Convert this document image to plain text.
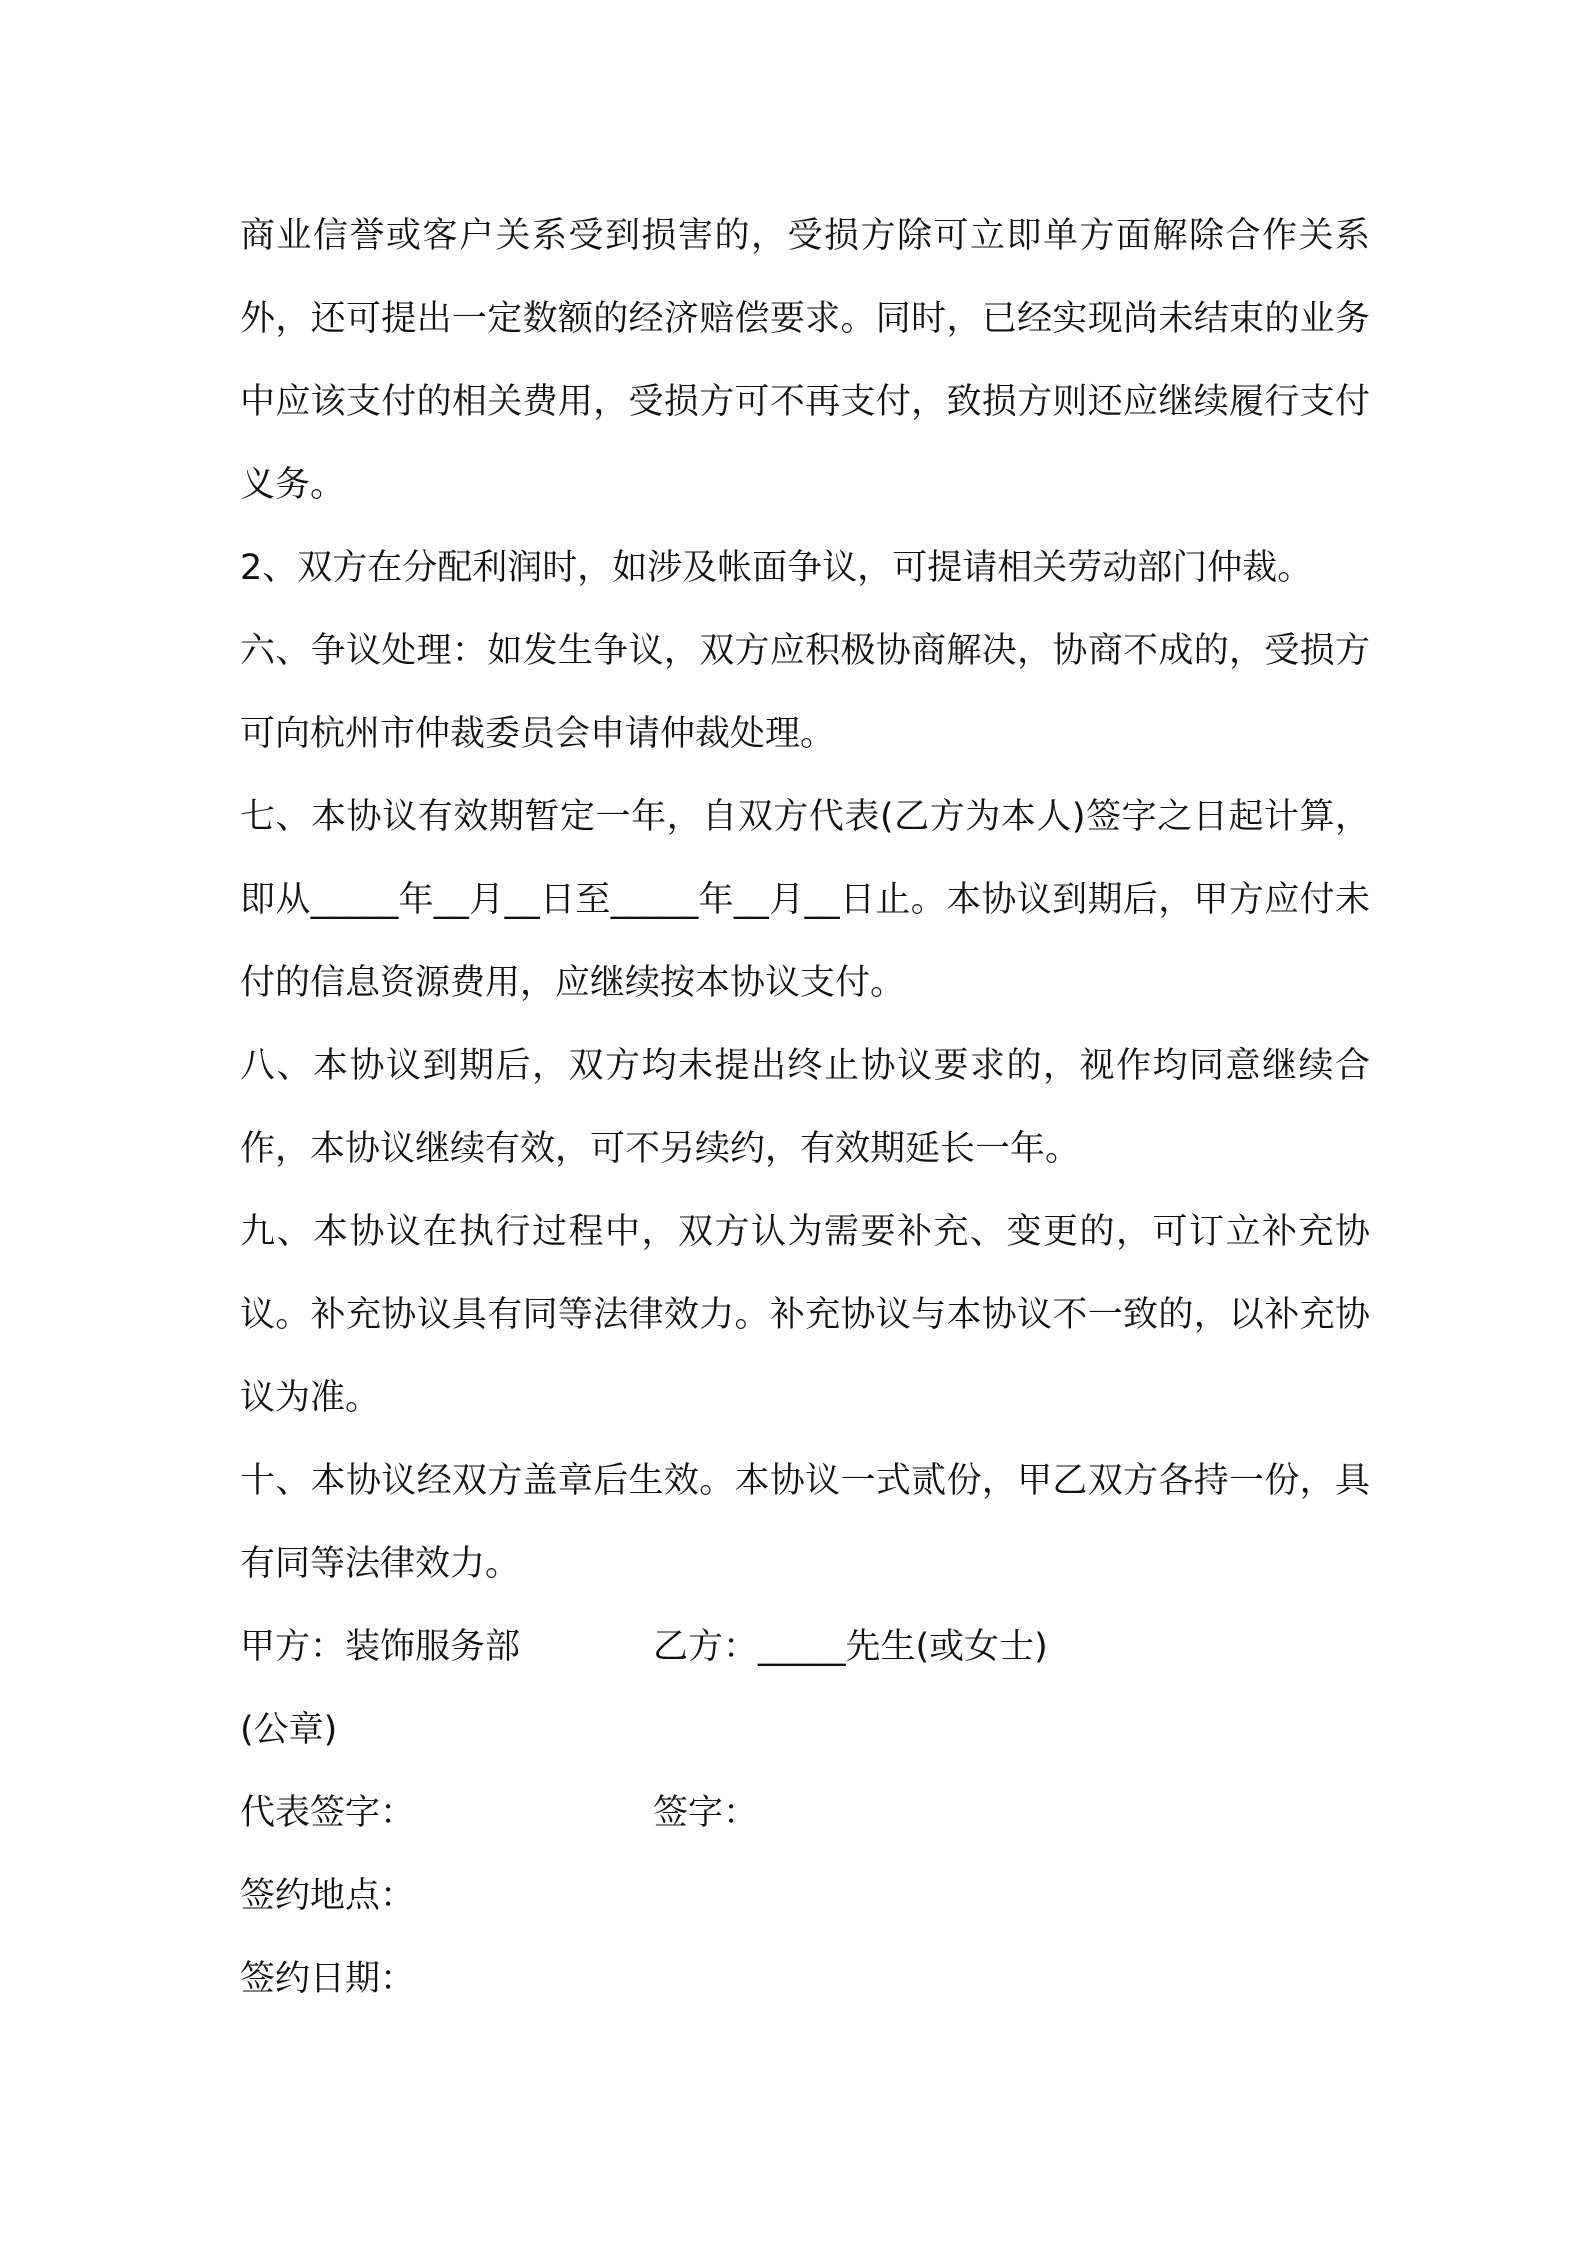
商业信誉或客户关系受到损害的，受损方除可立即单方面解除合作关系外，还可提出一定数额的经济赔偿要求。同时，已经实现尚未结束的业务中应该支付的相关费用，受损方可不再支付，致损方则还应继续履行支付义务。

2、双方在分配利润时，如涉及帐面争议，可提请相关劳动部门仲裁。

六、争议处理：如发生争议，双方应积极协商解决，协商不成的，受损方可向杭州市仲裁委员会申请仲裁处理。

七、本协议有效期暂定一年，自双方代表(乙方为本人)签字之日起计算，即从_____年__月__日至_____年__月__日止。本协议到期后，甲方应付未付的信息资源费用，应继续按本协议支付。

八、本协议到期后，双方均未提出终止协议要求的，视作均同意继续合作，本协议继续有效，可不另续约，有效期延长一年。

九、本协议在执行过程中，双方认为需要补充、变更的，可订立补充协议。补充协议具有同等法律效力。补充协议与本协议不一致的，以补充协议为准。

十、本协议经双方盖章后生效。本协议一式贰份，甲乙双方各持一份，具有同等法律效力。

甲方：装饰服务部	乙方：_____先生(或女士)
(公章)
代表签字：	签字：
签约地点：
签约日期：
